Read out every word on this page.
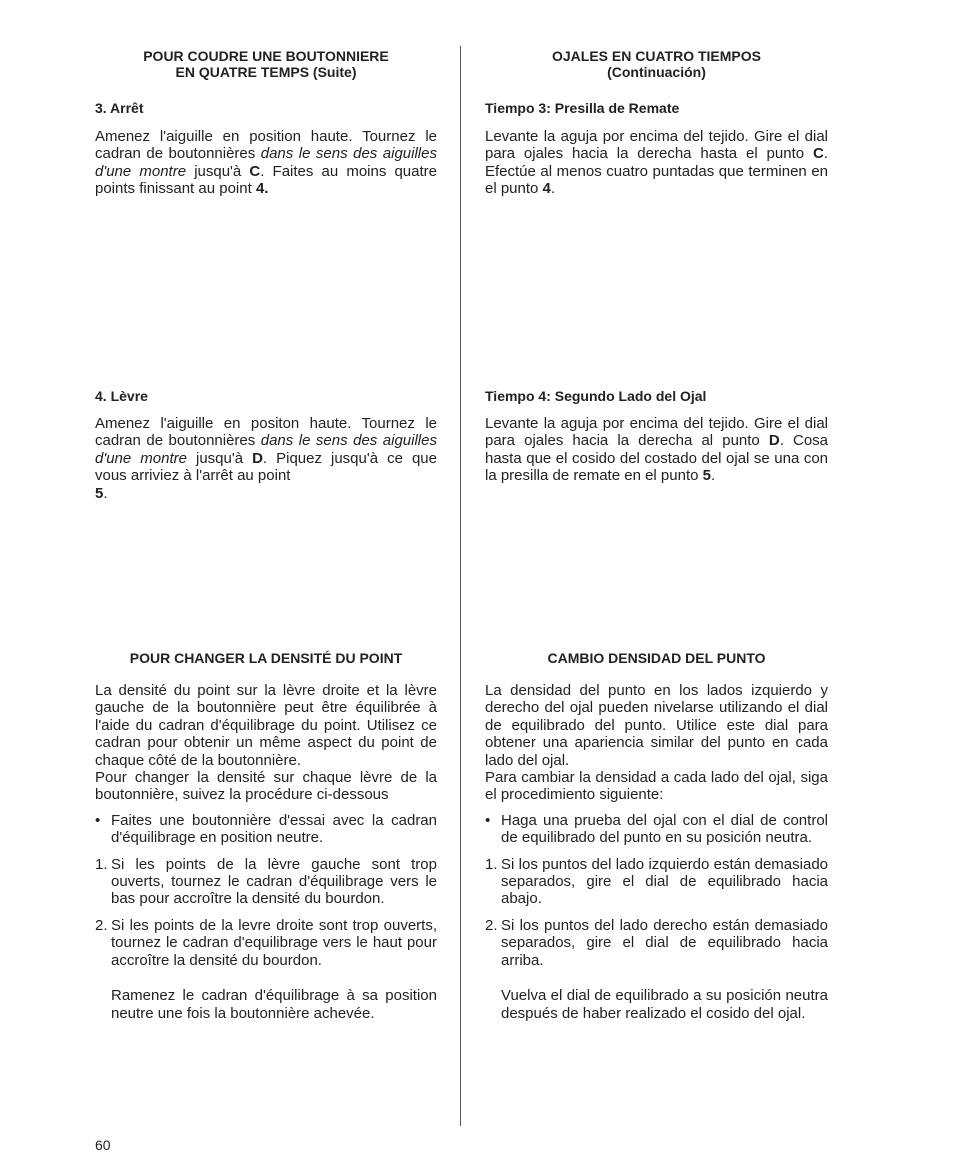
POUR COUDRE UNE BOUTONNIERE
EN QUATRE TEMPS (Suite)

3. Arrêt

Amenez l'aiguille en position haute. Tournez le cadran de boutonnières dans le sens des aiguilles d'une montre jusqu'à C. Faites au moins quatre points finissant au point 4.

4. Lèvre

Amenez l'aiguille en positon haute. Tournez le cadran de boutonnières dans le sens des aiguilles d'une montre jusqu'à D. Piquez jusqu'à ce que vous arriviez à l'arrêt au point
5.

POUR CHANGER LA DENSITÉ DU POINT

La densité du point sur la lèvre droite et la lèvre gauche de la boutonnière peut être équilibrée à l'aide du cadran d'équilibrage du point. Utilisez ce cadran pour obtenir un même aspect du point de chaque côté de la boutonnière.

Pour changer la densité sur chaque lèvre de la boutonnière, suivez la procédure ci-dessous

• Faites une boutonnière d'essai avec la cadran d'équilibrage en position neutre.

1. Si les points de la lèvre gauche sont trop ouverts, tournez le cadran d'équilibrage vers le bas pour accroître la densité du bourdon.

2. Si les points de la levre droite sont trop ouverts, tournez le cadran d'equilibrage vers le haut pour accroître la densité du bourdon.

Ramenez le cadran d'équilibrage à sa position neutre une fois la boutonnière achevée.

OJALES EN CUATRO TIEMPOS
(Continuación)

Tiempo 3: Presilla de Remate

Levante la aguja por encima del tejido. Gire el dial para ojales hacia la derecha hasta el punto C. Efectúe al menos cuatro puntadas que terminen en el punto 4.

Tiempo 4: Segundo Lado del Ojal

Levante la aguja por encima del tejido. Gire el dial para ojales hacia la derecha al punto D. Cosa hasta que el cosido del costado del ojal se una con la presilla de remate en el punto 5.

CAMBIO DENSIDAD DEL PUNTO

La densidad del punto en los lados izquierdo y derecho del ojal pueden nivelarse utilizando el dial de equilibrado del punto. Utilice este dial para obtener una apariencia similar del punto en cada lado del ojal.

Para cambiar la densidad a cada lado del ojal, siga el procedimiento siguiente:

• Haga una prueba del ojal con el dial de control de equilibrado del punto en su posición neutra.

1. Si los puntos del lado izquierdo están demasiado separados, gire el dial de equilibrado hacia abajo.

2. Si los puntos del lado derecho están demasiado separados, gire el dial de equilibrado hacia arriba.

Vuelva el dial de equilibrado a su posición neutra después de haber realizado el cosido del ojal.

60
